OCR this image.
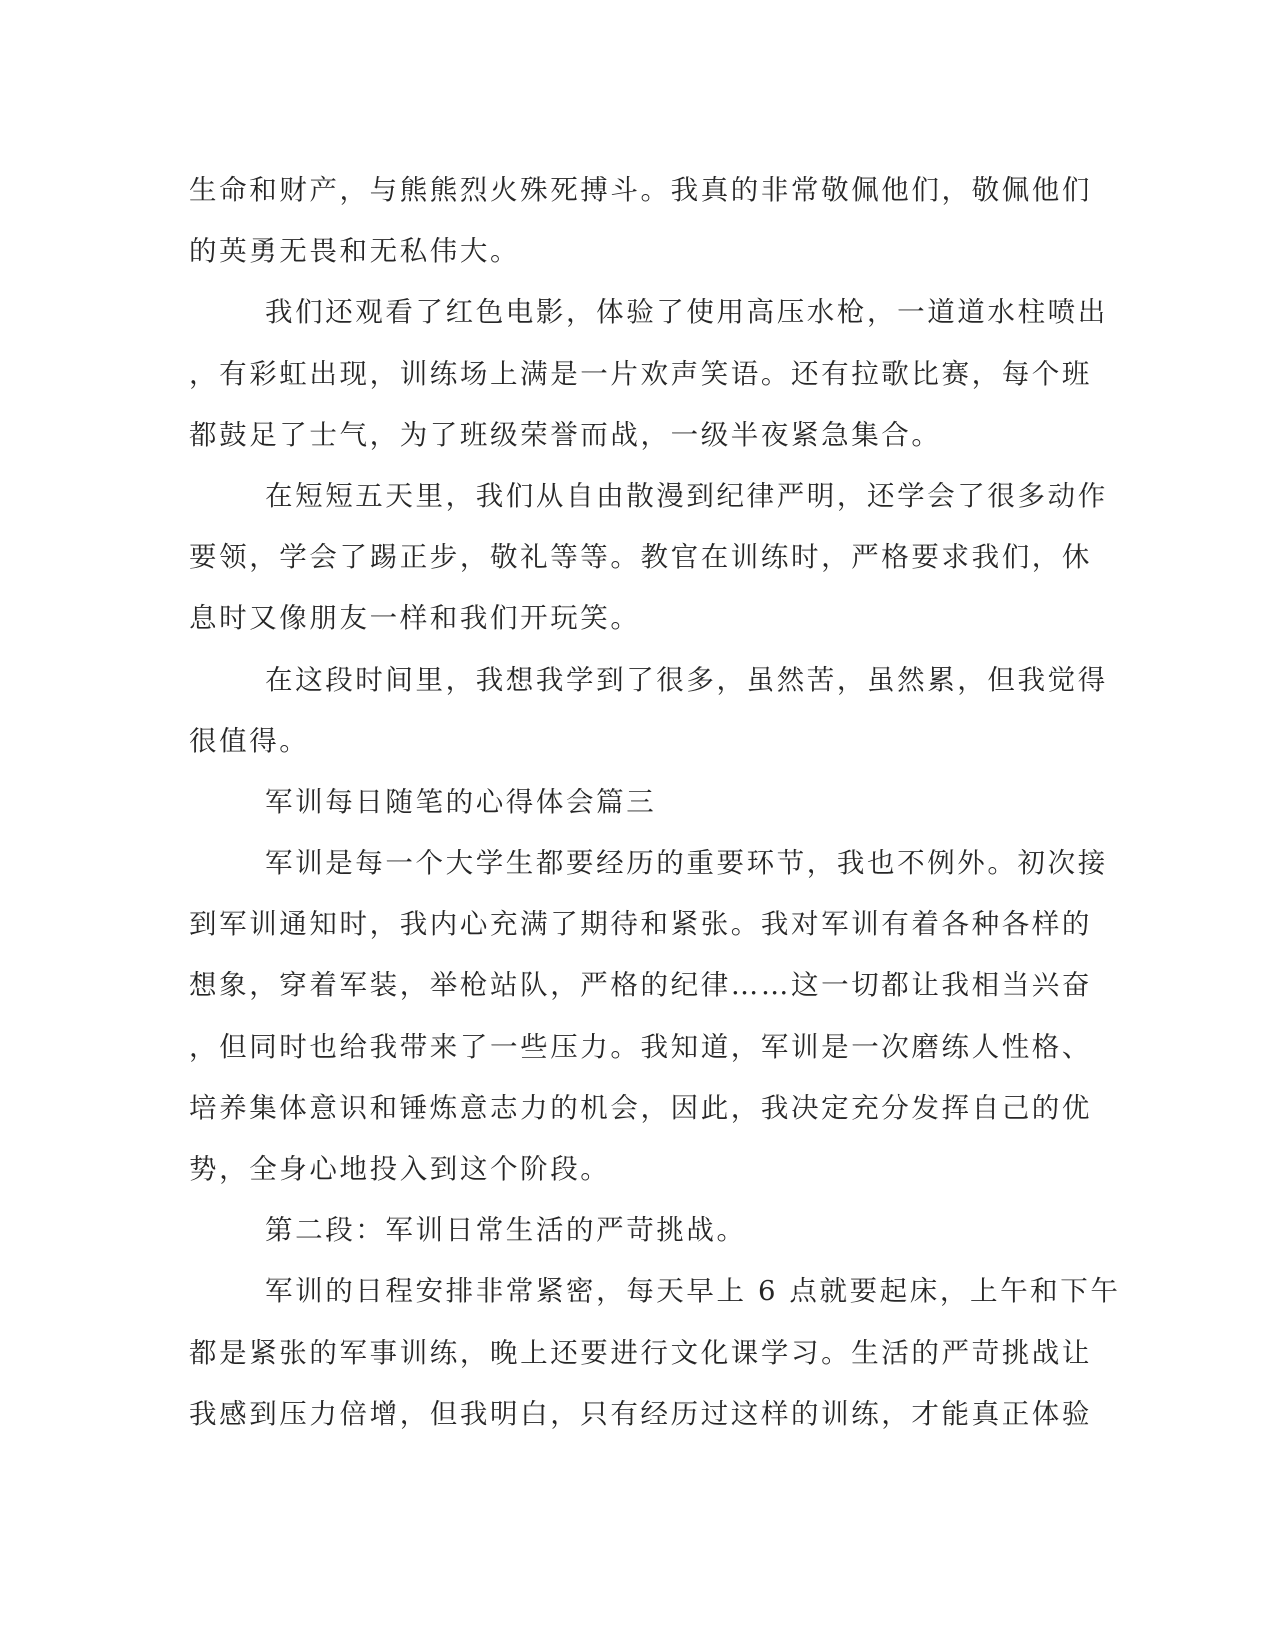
生命和财产，与熊熊烈火殊死搏斗。我真的非常敬佩他们，敬佩他们
的英勇无畏和无私伟大。
我们还观看了红色电影，体验了使用高压水枪，一道道水柱喷出
，有彩虹出现，训练场上满是一片欢声笑语。还有拉歌比赛，每个班
都鼓足了士气，为了班级荣誉而战，一级半夜紧急集合。
在短短五天里，我们从自由散漫到纪律严明，还学会了很多动作
要领，学会了踢正步，敬礼等等。教官在训练时，严格要求我们，休
息时又像朋友一样和我们开玩笑。
在这段时间里，我想我学到了很多，虽然苦，虽然累，但我觉得
很值得。
军训每日随笔的心得体会篇三
军训是每一个大学生都要经历的重要环节，我也不例外。初次接
到军训通知时，我内心充满了期待和紧张。我对军训有着各种各样的
想象，穿着军装，举枪站队，严格的纪律……这一切都让我相当兴奋
，但同时也给我带来了一些压力。我知道，军训是一次磨练人性格、
培养集体意识和锤炼意志力的机会，因此，我决定充分发挥自己的优
势，全身心地投入到这个阶段。
第二段：军训日常生活的严苛挑战。
军训的日程安排非常紧密，每天早上 6 点就要起床，上午和下午
都是紧张的军事训练，晚上还要进行文化课学习。生活的严苛挑战让
我感到压力倍增，但我明白，只有经历过这样的训练，才能真正体验
